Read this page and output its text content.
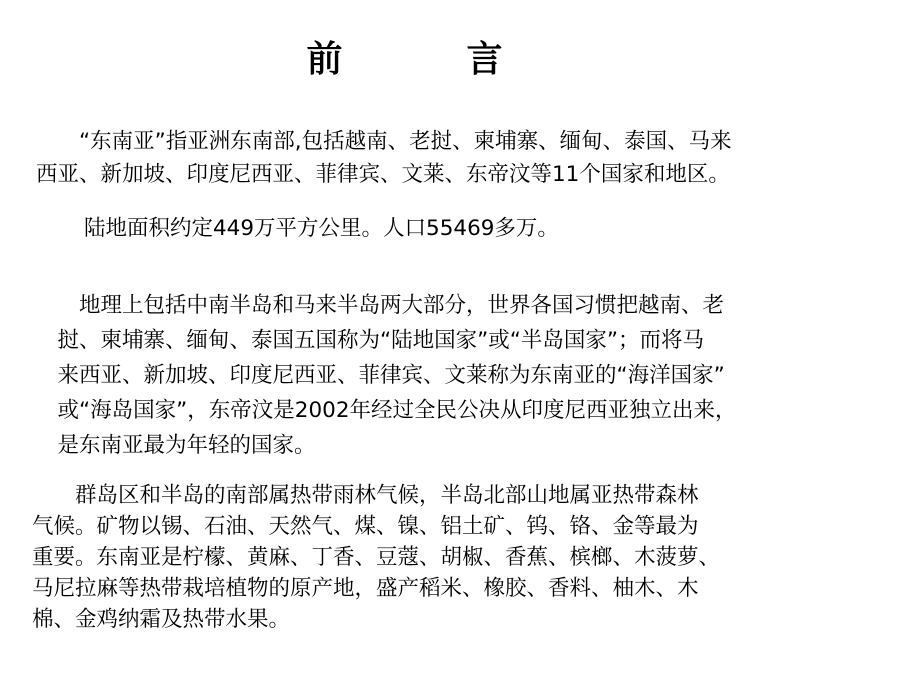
前　言

　　“东南亚”指亚洲东南部,包括越南、老挝、柬埔寨、缅甸、泰国、马来
西亚、新加坡、印度尼西亚、菲律宾、文莱、东帝汶等11个国家和地区。

陆地面积约定449万平方公里。人口55469多万。

　　地理上包括中南半岛和马来半岛两大部分，世界各国习惯把越南、老
　挝、柬埔寨、缅甸、泰国五国称为“陆地国家”或“半岛国家”；而将马
　来西亚、新加坡、印度尼西亚、菲律宾、文莱称为东南亚的“海洋国家”
　或“海岛国家”，东帝汶是2002年经过全民公决从印度尼西亚独立出来，
　是东南亚最为年轻的国家。

　　群岛区和半岛的南部属热带雨林气候，半岛北部山地属亚热带森林
气候。矿物以锡、石油、天然气、煤、镍、铝土矿、钨、铬、金等最为
重要。东南亚是柠檬、黄麻、丁香、豆蔻、胡椒、香蕉、槟榔、木菠萝、
马尼拉麻等热带栽培植物的原产地，盛产稻米、橡胶、香料、柚木、木
棉、金鸡纳霜及热带水果。
